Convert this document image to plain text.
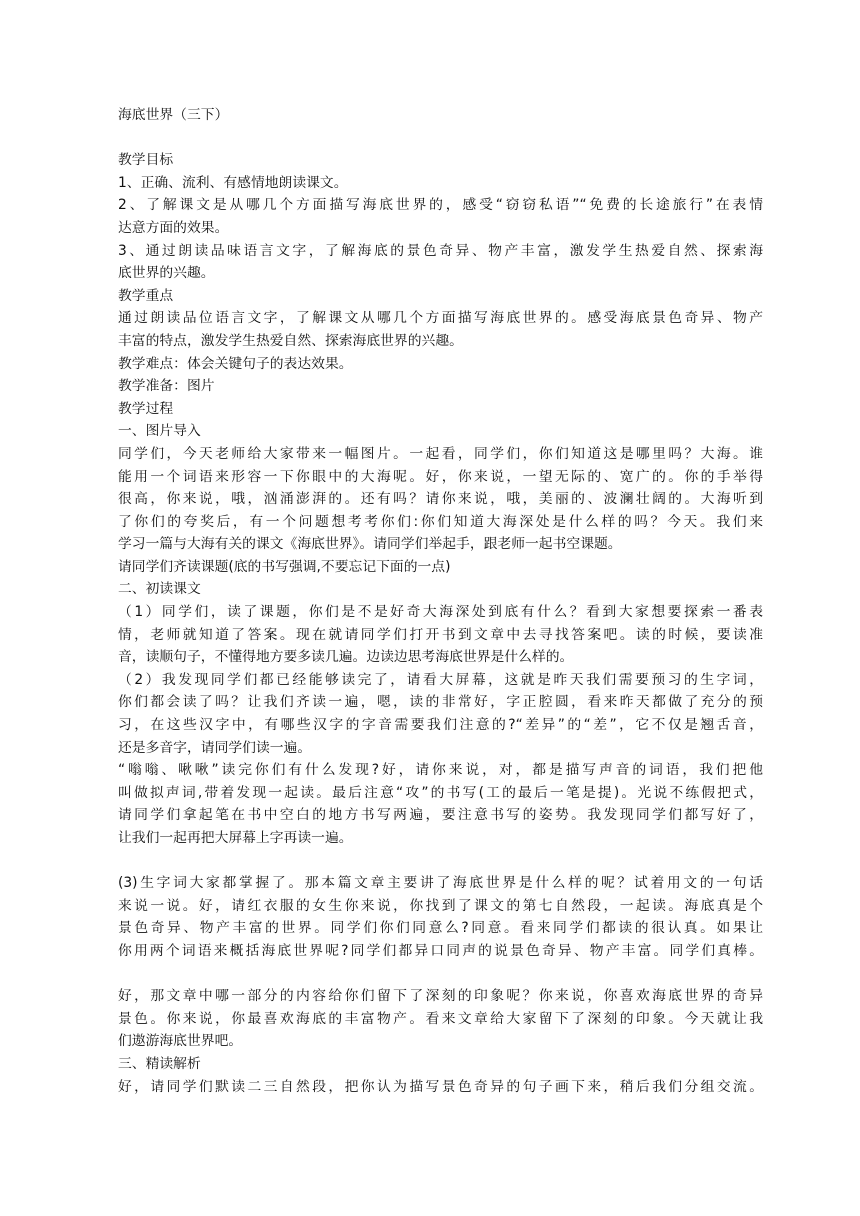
海底世界（三下）
教学目标
1、正确、流利、有感情地朗读课文。
2、了解课文是从哪几个方面描写海底世界的，感受“窃窃私语”“免费的长途旅行”在表情
达意方面的效果。
3、通过朗读品味语言文字，了解海底的景色奇异、物产丰富，激发学生热爱自然、探索海
底世界的兴趣。
教学重点
通过朗读品位语言文字，了解课文从哪几个方面描写海底世界的。感受海底景色奇异、物产
丰富的特点，激发学生热爱自然、探索海底世界的兴趣。
教学难点：体会关键句子的表达效果。
教学准备：图片
教学过程
一、图片导入
同学们，今天老师给大家带来一幅图片。一起看，同学们，你们知道这是哪里吗？大海。谁
能用一个词语来形容一下你眼中的大海呢。好，你来说，一望无际的、宽广的。你的手举得
很高，你来说，哦，汹涌澎湃的。还有吗？请你来说，哦，美丽的、波澜壮阔的。大海听到
了你们的夸奖后，有一个问题想考考你们:你们知道大海深处是什么样的吗？今天。我们来
学习一篇与大海有关的课文《海底世界》。请同学们举起手，跟老师一起书空课题。
请同学们齐读课题(底的书写强调,不要忘记下面的一点)
二、初读课文
（1）同学们，读了课题，你们是不是好奇大海深处到底有什么？看到大家想要探索一番表
情，老师就知道了答案。现在就请同学们打开书到文章中去寻找答案吧。读的时候，要读准
音，读顺句子，不懂得地方要多读几遍。边读边思考海底世界是什么样的。
（2）我发现同学们都已经能够读完了，请看大屏幕，这就是昨天我们需要预习的生字词，
你们都会读了吗？让我们齐读一遍，嗯，读的非常好，字正腔圆，看来昨天都做了充分的预
习，在这些汉字中，有哪些汉字的字音需要我们注意的?“差异”的“差”，它不仅是翘舌音，
还是多音字，请同学们读一遍。
“嗡嗡、啾啾”读完你们有什么发现?好，请你来说，对，都是描写声音的词语，我们把他
叫做拟声词,带着发现一起读。最后注意“攻”的书写(工的最后一笔是提)。光说不练假把式，
请同学们拿起笔在书中空白的地方书写两遍，要注意书写的姿势。我发现同学们都写好了，
让我们一起再把大屏幕上字再读一遍。
(3)生字词大家都掌握了。那本篇文章主要讲了海底世界是什么样的呢？试着用文的一句话
来说一说。好，请红衣服的女生你来说，你找到了课文的第七自然段，一起读。海底真是个
景色奇异、物产丰富的世界。同学们你们同意么?同意。看来同学们都读的很认真。如果让
你用两个词语来概括海底世界呢?同学们都异口同声的说景色奇异、物产丰富。同学们真棒。
好，那文章中哪一部分的内容给你们留下了深刻的印象呢？你来说，你喜欢海底世界的奇异
景色。你来说，你最喜欢海底的丰富物产。看来文章给大家留下了深刻的印象。今天就让我
们遨游海底世界吧。
三、精读解析
好，请同学们默读二三自然段，把你认为描写景色奇异的句子画下来，稍后我们分组交流。
